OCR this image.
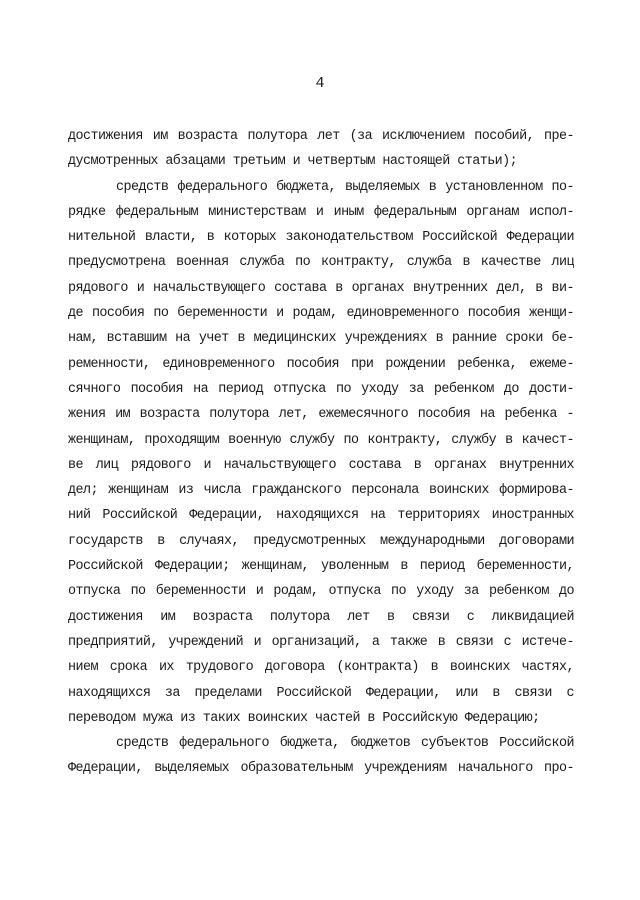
4
достижения им возраста полутора лет (за исключением пособий, пре-
дусмотренных абзацами третьим и четвертым настоящей статьи);
средств федерального бюджета, выделяемых в установленном по-
рядке федеральным министерствам и иным федеральным органам испол-
нительной власти, в которых законодательством Российской Федерации
предусмотрена военная служба по контракту, служба в качестве лиц
рядового и начальствующего состава в органах внутренних дел, в ви-
де пособия по беременности и родам, единовременного пособия женщи-
нам, вставшим на учет в медицинских учреждениях в ранние сроки бе-
ременности, единовременного пособия при рождении ребенка, ежеме-
сячного пособия на период отпуска по уходу за ребенком до дости-
жения им возраста полутора лет, ежемесячного пособия на ребенка -
женщинам, проходящим военную службу по контракту, службу в качест-
ве лиц рядового и начальствующего состава в органах внутренних
дел; женщинам из числа гражданского персонала воинских формирова-
ний Российской Федерации, находящихся на территориях иностранных
государств в случаях, предусмотренных международными договорами
Российской Федерации; женщинам, уволенным в период беременности,
отпуска по беременности и родам, отпуска по уходу за ребенком до
достижения им возраста полутора лет в связи с ликвидацией
предприятий, учреждений и организаций, а также в связи с истече-
нием срока их трудового договора (контракта) в воинских частях,
находящихся за пределами Российской Федерации, или в связи с
переводом мужа из таких воинских частей в Российскую Федерацию;
средств федерального бюджета, бюджетов субъектов Российской
Федерации, выделяемых образовательным учреждениям начального про-
